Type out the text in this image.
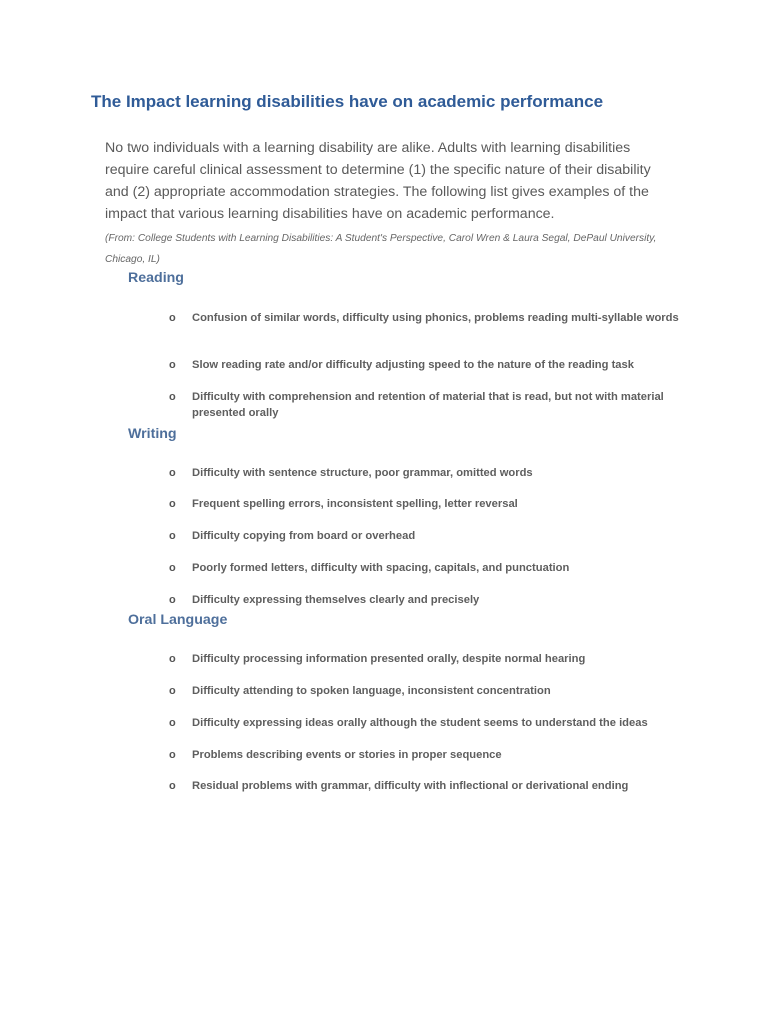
The Impact learning disabilities have on academic performance

No two individuals with a learning disability are alike. Adults with learning disabilities require careful clinical assessment to determine (1) the specific nature of their disability and (2) appropriate accommodation strategies. The following list gives examples of the impact that various learning disabilities have on academic performance.

(From: College Students with Learning Disabilities: A Student's Perspective, Carol Wren & Laura Segal, DePaul University, Chicago, IL)

Reading
o Confusion of similar words, difficulty using phonics, problems reading multi-syllable words
o Slow reading rate and/or difficulty adjusting speed to the nature of the reading task
o Difficulty with comprehension and retention of material that is read, but not with material presented orally
Writing
o Difficulty with sentence structure, poor grammar, omitted words
o Frequent spelling errors, inconsistent spelling, letter reversal
o Difficulty copying from board or overhead
o Poorly formed letters, difficulty with spacing, capitals, and punctuation
o Difficulty expressing themselves clearly and precisely
Oral Language
o Difficulty processing information presented orally, despite normal hearing
o Difficulty attending to spoken language, inconsistent concentration
o Difficulty expressing ideas orally although the student seems to understand the ideas
o Problems describing events or stories in proper sequence
o Residual problems with grammar, difficulty with inflectional or derivational ending
